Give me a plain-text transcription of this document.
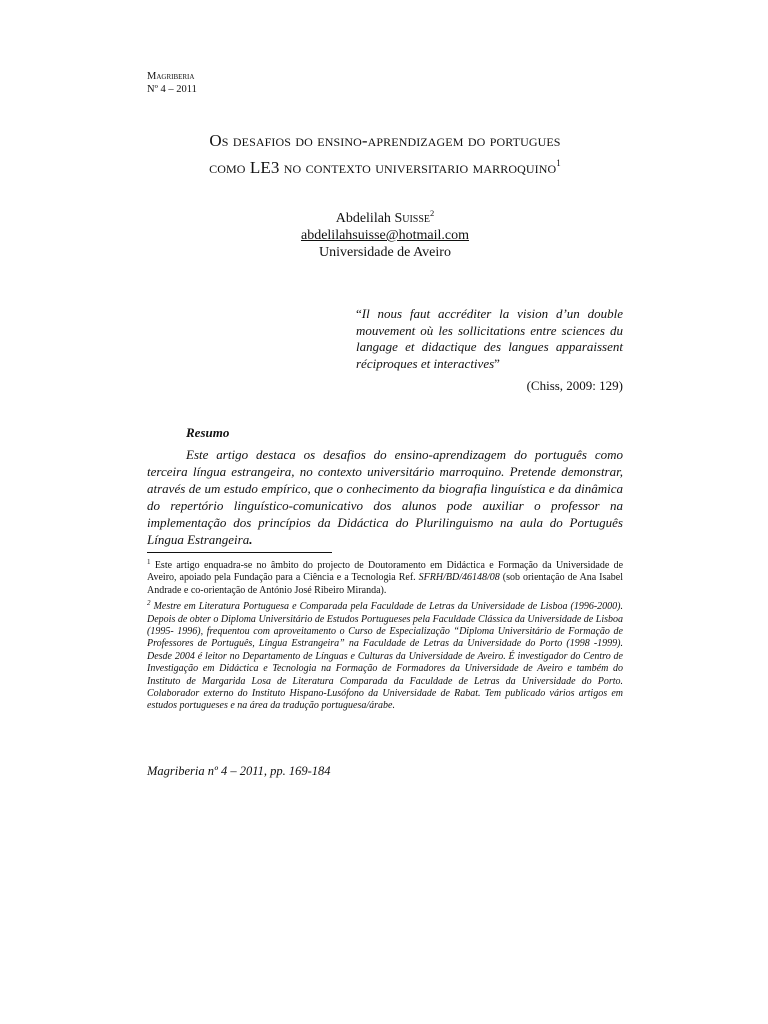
Magriberia
Nº 4 – 2011
Os desafios do ensino-aprendizagem do portugues
como LE3 no contexto universitario marroquino$^1$
Abdelilah Suisse$^2$
abdelilahsuisse@hotmail.com
Universidade de Aveiro
“Il nous faut accréditer la vision d’un double mouvement où les sollicitations entre sciences du langage et didactique des langues apparaissent réciproques et interactives”
(Chiss, 2009: 129)
Resumo
Este artigo destaca os desafios do ensino-aprendizagem do português como terceira língua estrangeira, no contexto universitário marroquino. Pretende demonstrar, através de um estudo empírico, que o conhecimento da biografia linguística e da dinâmica do repertório linguístico-comunicativo dos alunos pode auxiliar o professor na implementação dos princípios da Didáctica do Plurilinguismo na aula do Português Língua Estrangeira.

$^1$ Este artigo enquadra-se no âmbito do projecto de Doutoramento em Didáctica e Formação da Universidade de Aveiro, apoiado pela Fundação para a Ciência e a Tecnologia Ref. SFRH/BD/46148/08 (sob orientação de Ana Isabel Andrade e co-orientação de António José Ribeiro Miranda).

$^2$ Mestre em Literatura Portuguesa e Comparada pela Faculdade de Letras da Universidade de Lisboa (1996-2000). Depois de obter o Diploma Universitário de Estudos Portugueses pela Faculdade Clássica da Universidade de Lisboa (1995- 1996), frequentou com aproveitamento o Curso de Especialização “Diploma Universitário de Formação de Professores de Português, Língua Estrangeira” na Faculdade de Letras da Universidade do Porto (1998 -1999). Desde 2004 é leitor no Departamento de Línguas e Culturas da Universidade de Aveiro. É investigador do Centro de Investigação em Didáctica e Tecnologia na Formação de Formadores da Universidade de Aveiro e também do Instituto de Margarida Losa de Literatura Comparada da Faculdade de Letras da Universidade do Porto. Colaborador externo do Instituto Hispano-Lusófono da Universidade de Rabat. Tem publicado vários artigos em estudos portugueses e na área da tradução portuguesa/árabe.

Magriberia nº 4 – 2011, pp. 169-184
